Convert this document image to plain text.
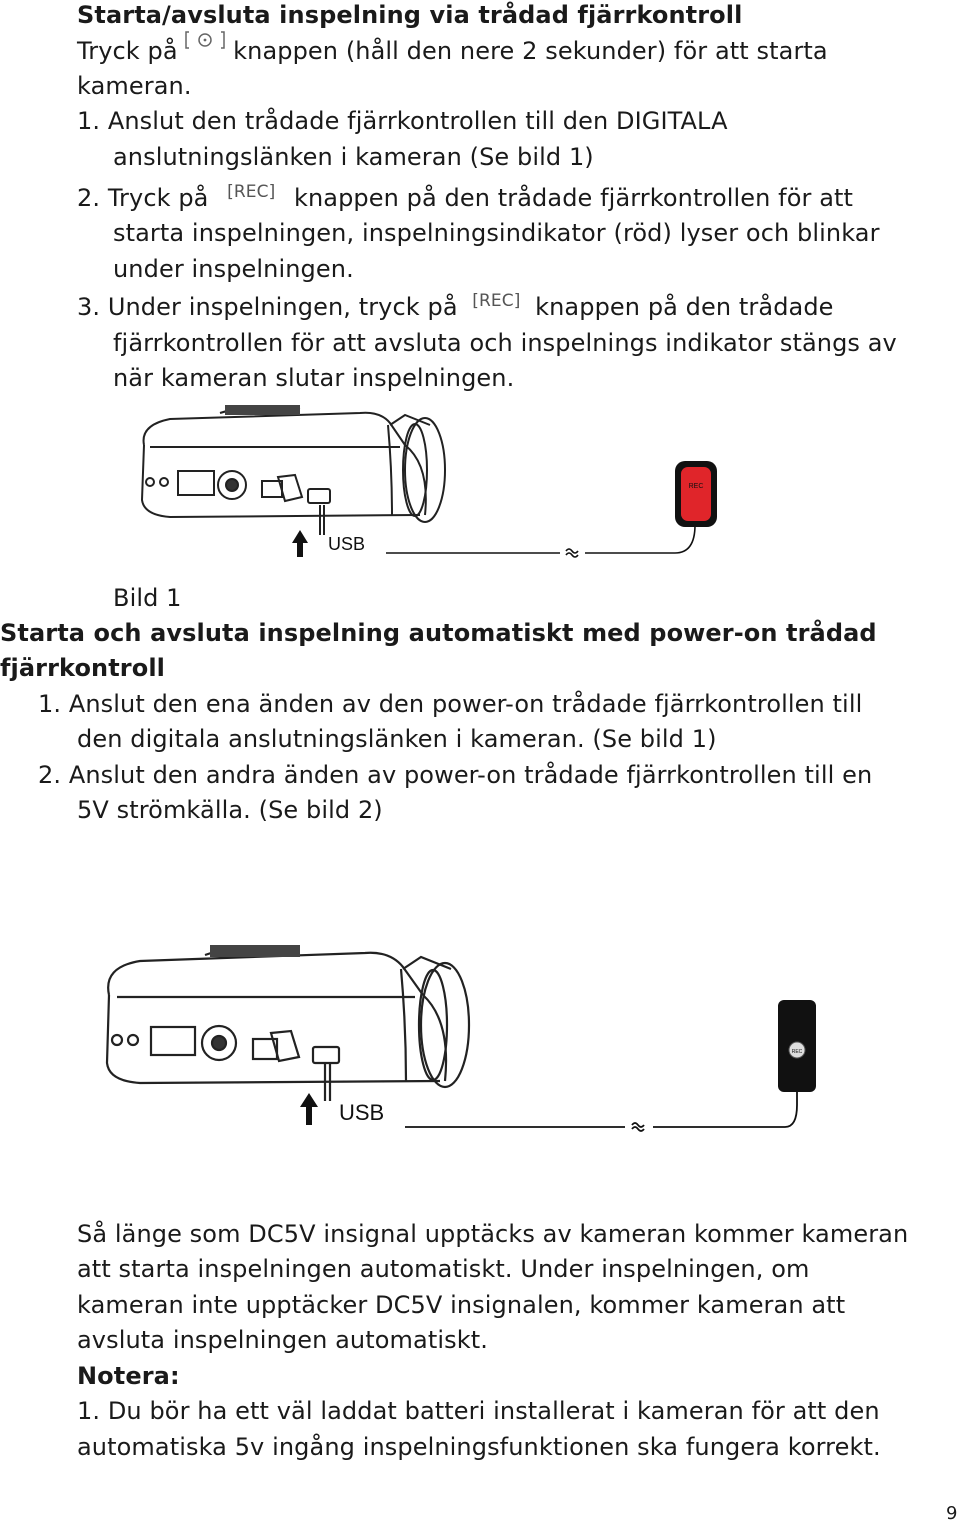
Starta/avsluta inspelning via trådad fjärrkontroll
Tryck på knappen (håll den nere 2 sekunder) för att starta
kameran.
1. Anslut den trådade fjärrkontrollen till den DIGITALA
anslutningslänken i kameran (Se bild 1)
2. Tryck på [REC] knappen på den trådade fjärrkontrollen för att
starta inspelningen, inspelningsindikator (röd) lyser och blinkar
under inspelningen.
3. Under inspelningen, tryck på [REC] knappen på den trådade
fjärrkontrollen för att avsluta och inspelnings indikator stängs av
när kameran slutar inspelningen.
USB
REC
Bild 1
Starta och avsluta inspelning automatiskt med power-on trådad
fjärrkontroll
1. Anslut den ena änden av den power-on trådade fjärrkontrollen till
den digitala anslutningslänken i kameran. (Se bild 1)
2. Anslut den andra änden av power-on trådade fjärrkontrollen till en
5V strömkälla. (Se bild 2)
USB
REC
Så länge som DC5V insignal upptäcks av kameran kommer kameran
att starta inspelningen automatiskt. Under inspelningen, om
kameran inte upptäcker DC5V insignalen, kommer kameran att
avsluta inspelningen automatiskt.
Notera:
1. Du bör ha ett väl laddat batteri installerat i kameran för att den
automatiska 5v ingång inspelningsfunktionen ska fungera korrekt.
9
